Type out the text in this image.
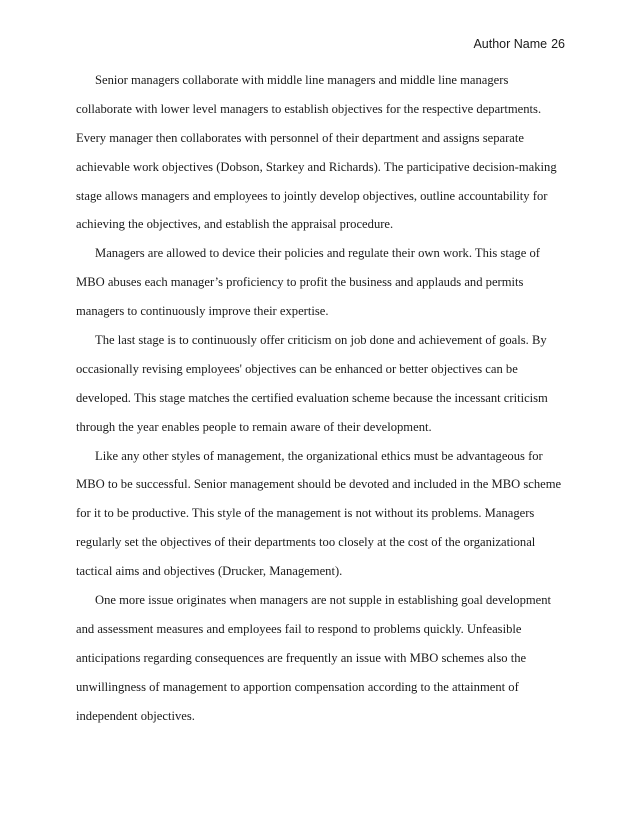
Author Name 26
Senior managers collaborate with middle line managers and middle line managers
collaborate with lower level managers to establish objectives for the respective departments.
Every manager then collaborates with personnel of their department and assigns separate
achievable work objectives (Dobson, Starkey and Richards). The participative decision-making
stage allows managers and employees to jointly develop objectives, outline accountability for
achieving the objectives, and establish the appraisal procedure.
Managers are allowed to device their policies and regulate their own work. This stage of
MBO abuses each manager’s proficiency to profit the business and applauds and permits
managers to continuously improve their expertise.
The last stage is to continuously offer criticism on job done and achievement of goals. By
occasionally revising employees' objectives can be enhanced or better objectives can be
developed. This stage matches the certified evaluation scheme because the incessant criticism
through the year enables people to remain aware of their development.
Like any other styles of management, the organizational ethics must be advantageous for
MBO to be successful. Senior management should be devoted and included in the MBO scheme
for it to be productive. This style of the management is not without its problems. Managers
regularly set the objectives of their departments too closely at the cost of the organizational
tactical aims and objectives (Drucker, Management).
One more issue originates when managers are not supple in establishing goal development
and assessment measures and employees fail to respond to problems quickly. Unfeasible
anticipations regarding consequences are frequently an issue with MBO schemes also the
unwillingness of management to apportion compensation according to the attainment of
independent objectives.
